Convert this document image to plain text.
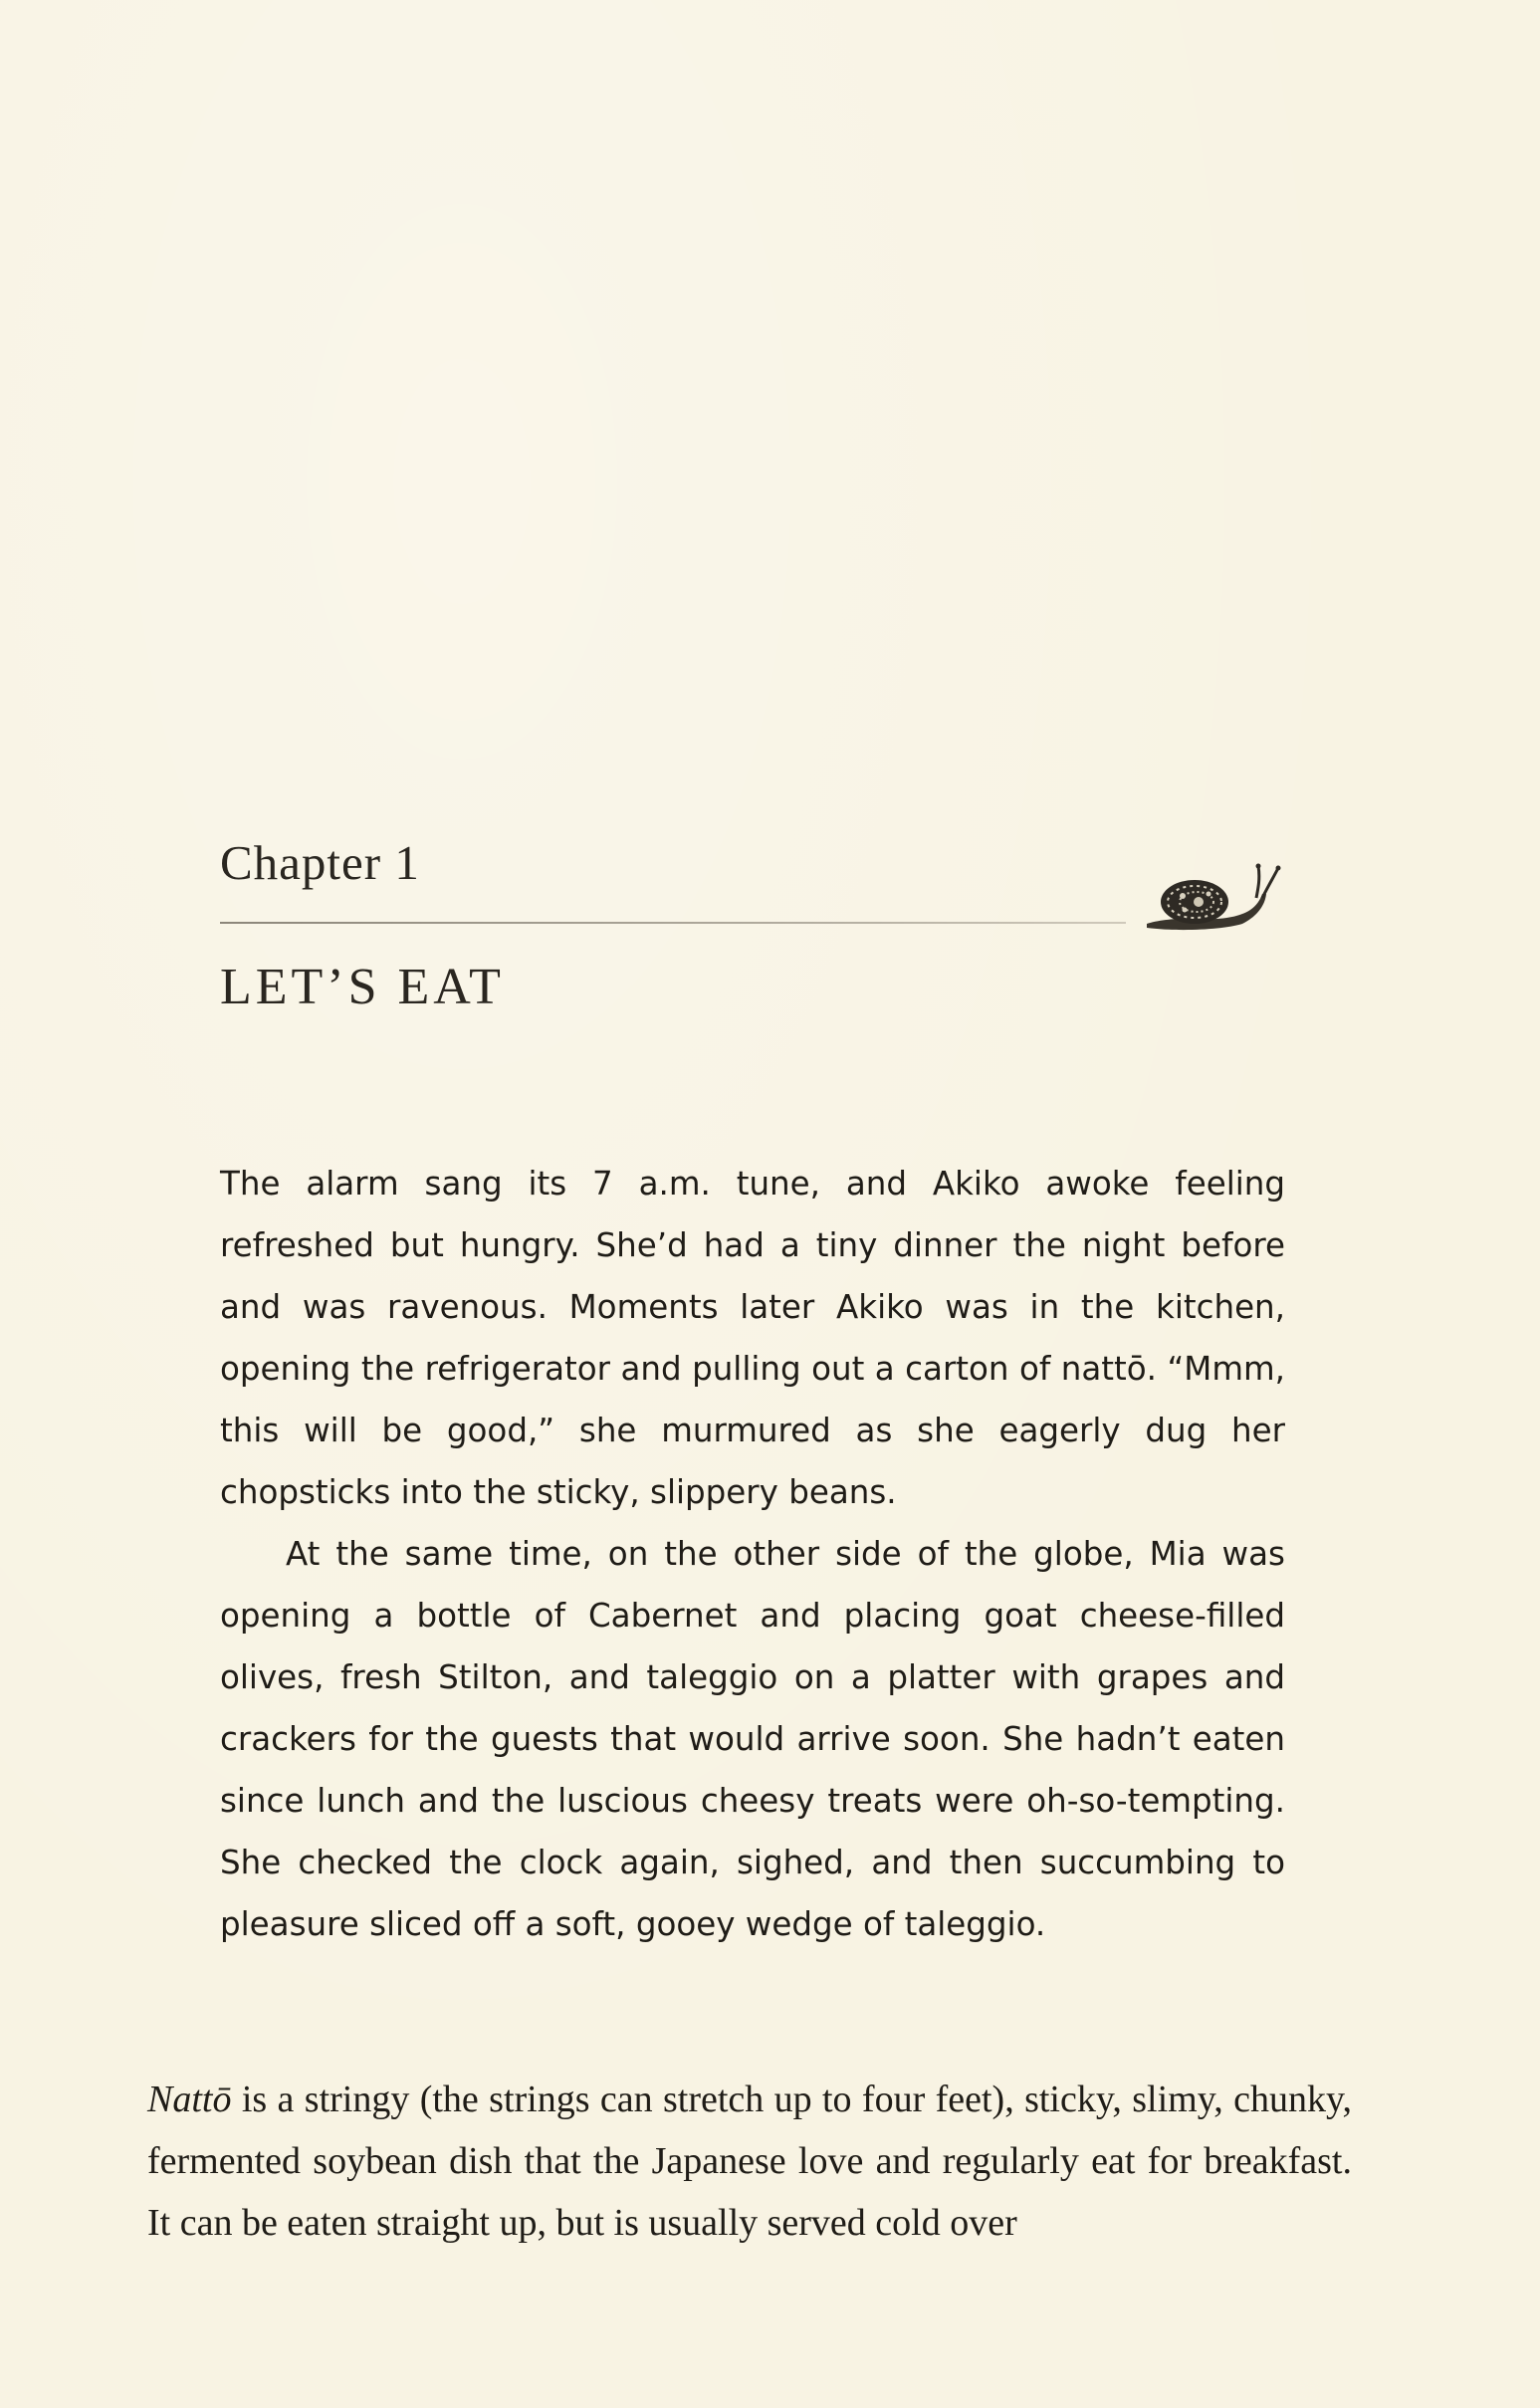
Chapter 1
LET’S EAT

The alarm sang its 7 a.m. tune, and Akiko awoke feeling refreshed but hungry. She’d had a tiny dinner the night before and was ravenous. Moments later Akiko was in the kitchen, opening the refrigerator and pulling out a carton of nattō. “Mmm, this will be good,” she murmured as she eagerly dug her chopsticks into the sticky, slippery beans.

At the same time, on the other side of the globe, Mia was opening a bottle of Cabernet and placing goat cheese-filled olives, fresh Stilton, and taleggio on a platter with grapes and crackers for the guests that would arrive soon. She hadn’t eaten since lunch and the luscious cheesy treats were oh-so-tempting. She checked the clock again, sighed, and then succumbing to pleasure sliced off a soft, gooey wedge of taleggio.

Nattō is a stringy (the strings can stretch up to four feet), sticky, slimy, chunky, fermented soybean dish that the Japanese love and regularly eat for breakfast. It can be eaten straight up, but is usually served cold over
